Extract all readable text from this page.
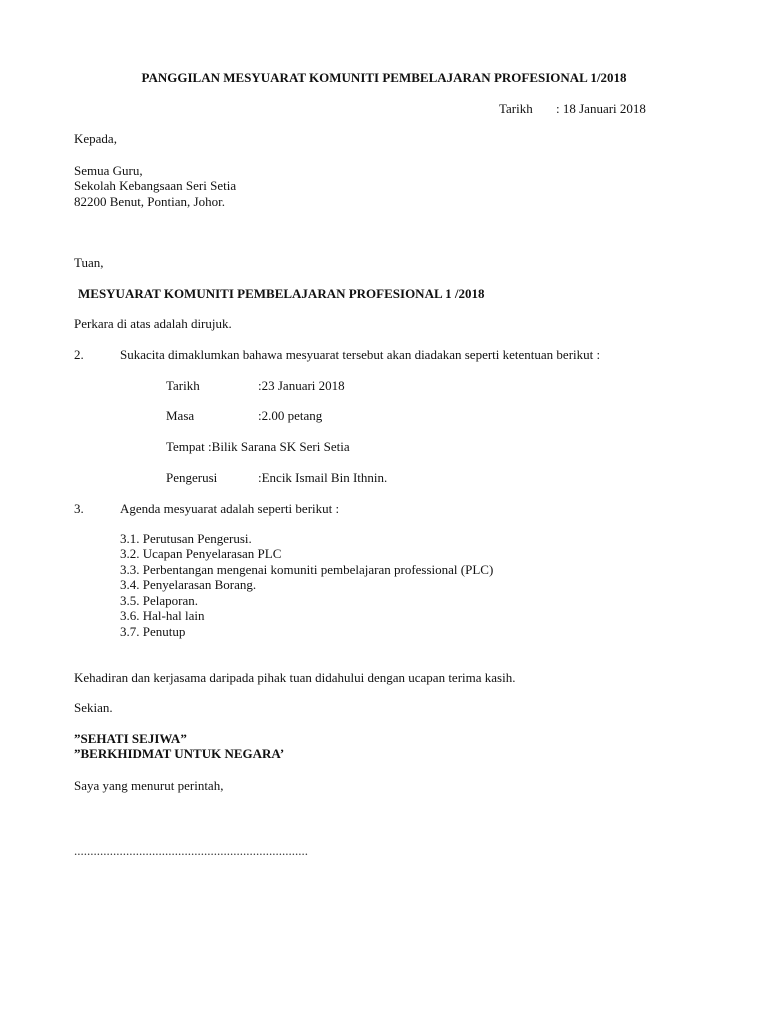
PANGGILAN MESYUARAT KOMUNITI PEMBELAJARAN PROFESIONAL 1/2018
Tarikh : 18 Januari 2018
Kepada,
Semua Guru,
Sekolah Kebangsaan Seri Setia
82200 Benut, Pontian, Johor.
Tuan,
MESYUARAT KOMUNITI PEMBELAJARAN PROFESIONAL 1 /2018
Perkara di atas adalah dirujuk.
2.	Sukacita dimaklumkan bahawa mesyuarat tersebut akan diadakan seperti ketentuan berikut :
Tarikh	:23 Januari 2018
Masa	:2.00 petang
Tempat :Bilik Sarana SK Seri Setia
Pengerusi	:Encik Ismail Bin Ithnin.
3.	Agenda mesyuarat adalah seperti berikut :
3.1. Perutusan Pengerusi.
3.2. Ucapan Penyelarasan PLC
3.3. Perbentangan mengenai komuniti pembelajaran professional (PLC)
3.4. Penyelarasan Borang.
3.5. Pelaporan.
3.6. Hal-hal lain
3.7. Penutup
Kehadiran dan kerjasama daripada pihak tuan didahului dengan ucapan terima kasih.
Sekian.
”SEHATI SEJIWA”
”BERKHIDMAT UNTUK NEGARA’
Saya yang menurut perintah,
........................................................................
